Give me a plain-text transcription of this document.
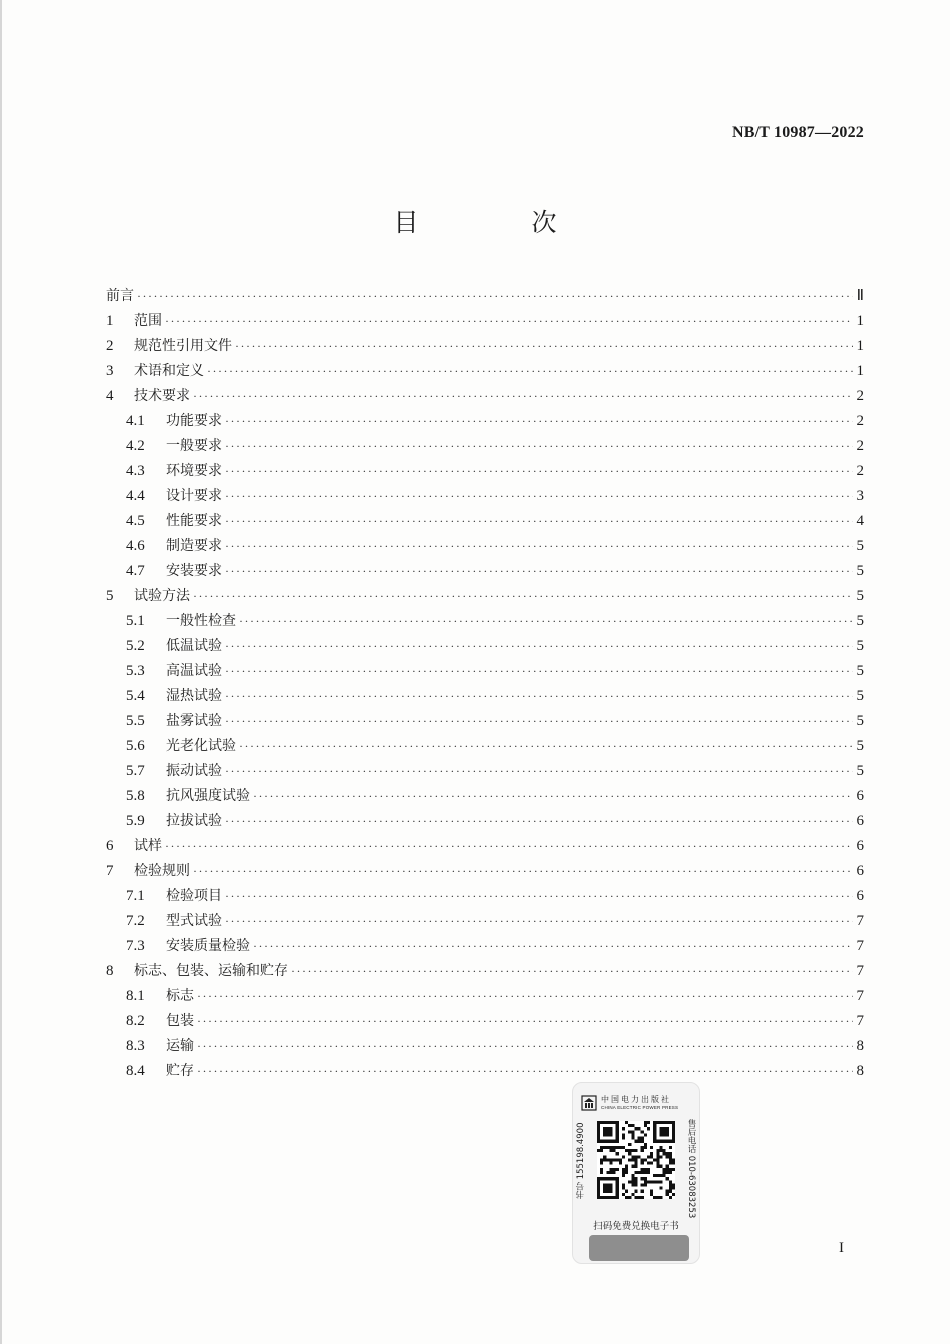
NB/T 10987—2022
目　次
前言 ·····	Ⅱ
1	范围 ·····	1
2	规范性引用文件 ·····	1
3	术语和定义 ·····	1
4	技术要求 ·····	2
4.1	功能要求 ·····	2
4.2	一般要求 ·····	2
4.3	环境要求 ·····	2
4.4	设计要求 ·····	3
4.5	性能要求 ·····	4
4.6	制造要求 ·····	5
4.7	安装要求 ·····	5
5	试验方法 ·····	5
5.1	一般性检查 ·····	5
5.2	低温试验 ·····	5
5.3	高温试验 ·····	5
5.4	湿热试验 ·····	5
5.5	盐雾试验 ·····	5
5.6	光老化试验 ·····	5
5.7	振动试验 ·····	5
5.8	抗风强度试验 ·····	6
5.9	拉拔试验 ·····	6
6	试样 ·····	6
7	检验规则 ·····	6
7.1	检验项目 ·····	6
7.2	型式试验 ·····	7
7.3	安装质量检验 ·····	7
8	标志、包装、运输和贮存 ·····	7
8.1	标志 ·····	7
8.2	包装 ·····	7
8.3	运输 ·····	8
8.4	贮存 ·····	8
中国电力出版社
CHINA ELECTRIC POWER PRESS
书号 155198.4900	售后电话 010-63083253
扫码免费兑换电子书
I
